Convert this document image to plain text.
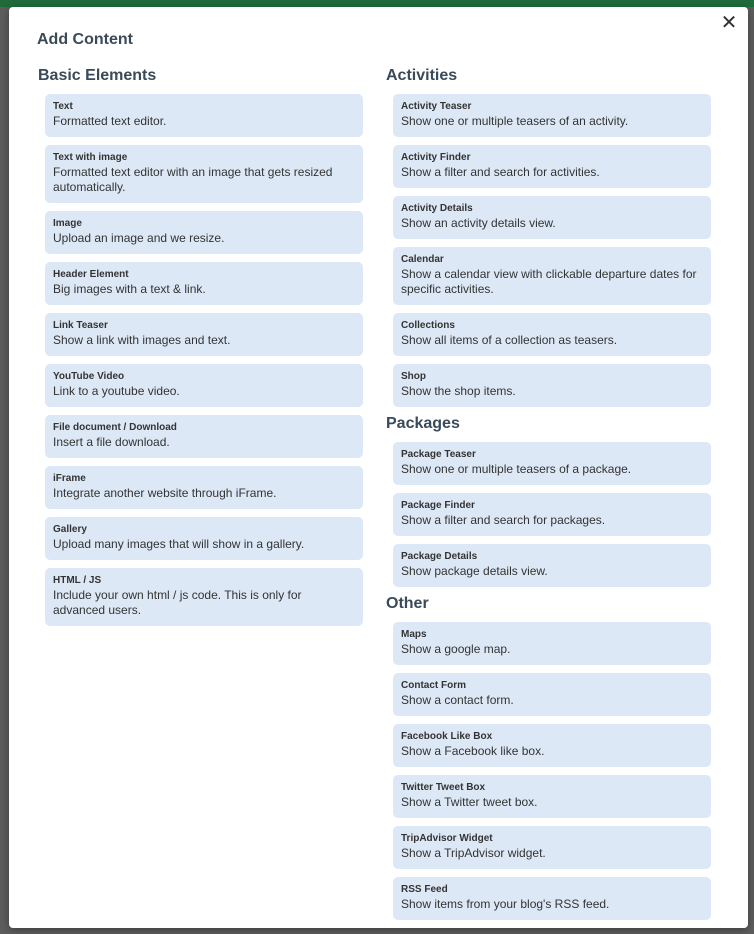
✕
Add Content
Basic Elements
Text
Formatted text editor.
Text with image
Formatted text editor with an image that gets resized automatically.
Image
Upload an image and we resize.
Header Element
Big images with a text & link.
Link Teaser
Show a link with images and text.
YouTube Video
Link to a youtube video.
File document / Download
Insert a file download.
iFrame
Integrate another website through iFrame.
Gallery
Upload many images that will show in a gallery.
HTML / JS
Include your own html / js code. This is only for advanced users.
Activities
Activity Teaser
Show one or multiple teasers of an activity.
Activity Finder
Show a filter and search for activities.
Activity Details
Show an activity details view.
Calendar
Show a calendar view with clickable departure dates for specific activities.
Collections
Show all items of a collection as teasers.
Shop
Show the shop items.
Packages
Package Teaser
Show one or multiple teasers of a package.
Package Finder
Show a filter and search for packages.
Package Details
Show package details view.
Other
Maps
Show a google map.
Contact Form
Show a contact form.
Facebook Like Box
Show a Facebook like box.
Twitter Tweet Box
Show a Twitter tweet box.
TripAdvisor Widget
Show a TripAdvisor widget.
RSS Feed
Show items from your blog's RSS feed.
